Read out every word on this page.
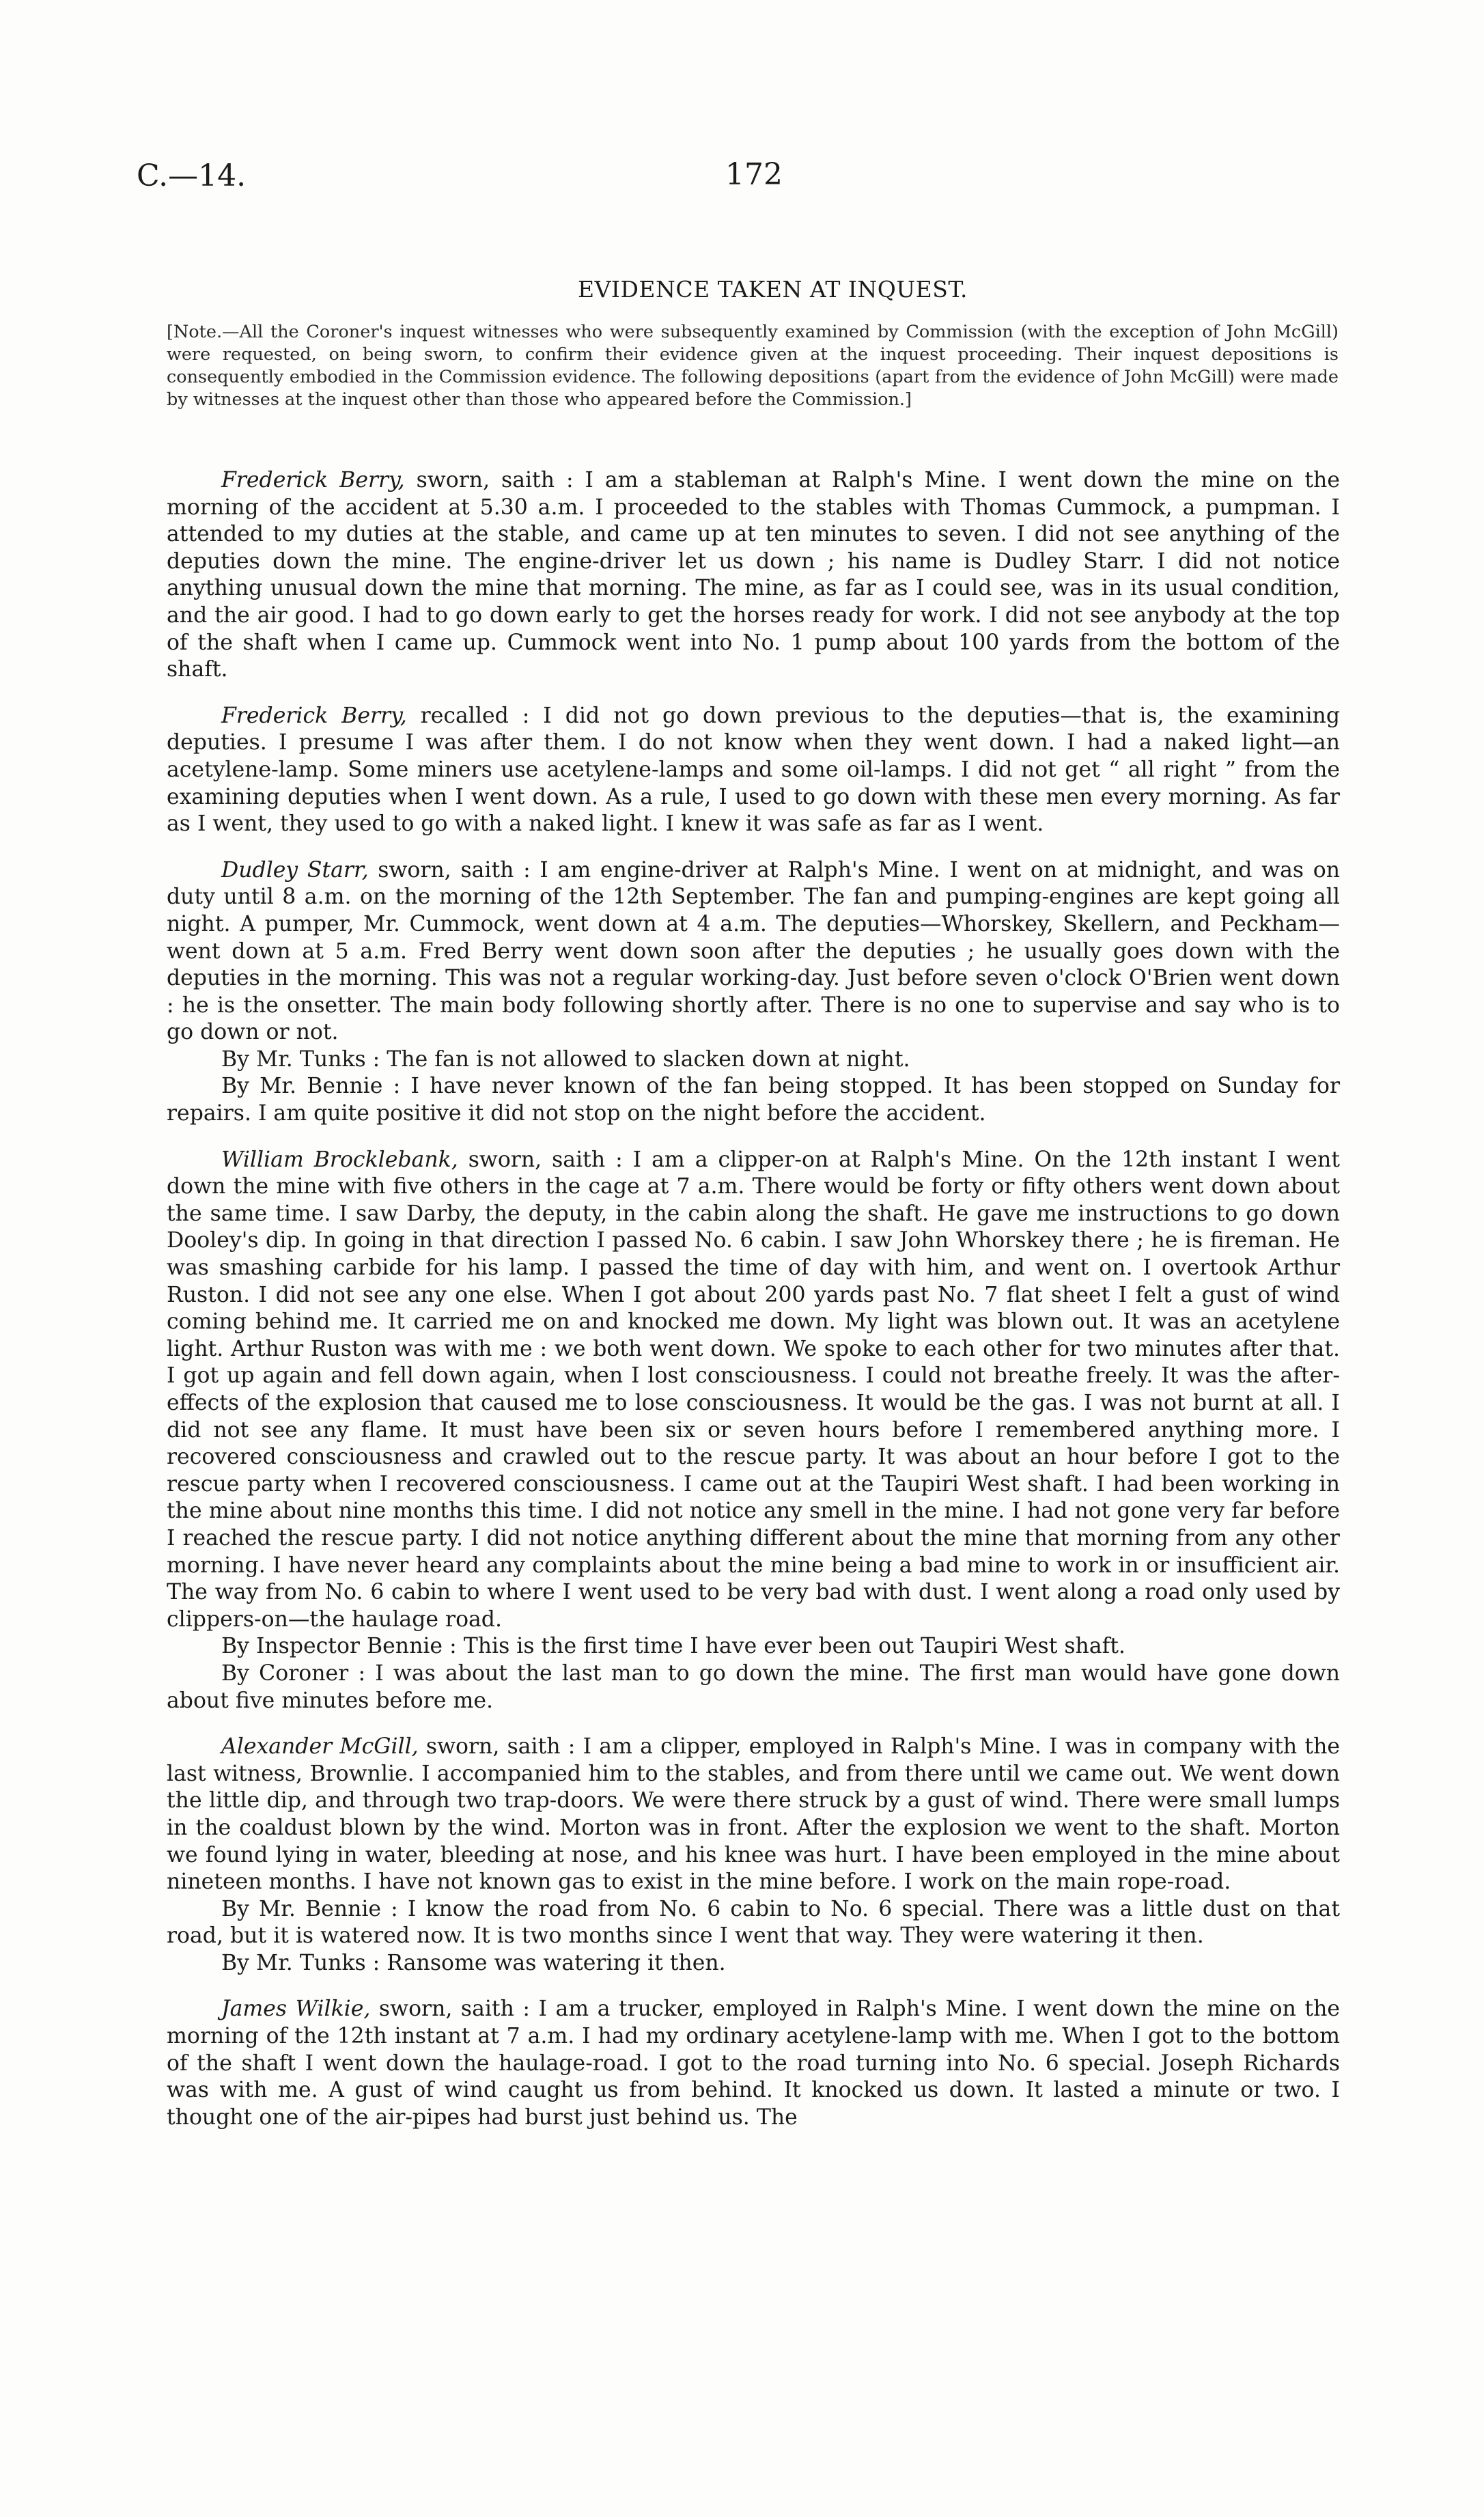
C.—14.	172
EVIDENCE TAKEN AT INQUEST.
[Note.—All the Coroner's inquest witnesses who were subsequently examined by Commission (with the exception of John McGill) were requested, on being sworn, to confirm their evidence given at the inquest proceeding. Their inquest depositions is consequently embodied in the Commission evidence. The following depositions (apart from the evidence of John McGill) were made by witnesses at the inquest other than those who appeared before the Commission.]

Frederick Berry, sworn, saith : I am a stableman at Ralph's Mine. I went down the mine on the morning of the accident at 5.30 a.m. I proceeded to the stables with Thomas Cummock, a pumpman. I attended to my duties at the stable, and came up at ten minutes to seven. I did not see anything of the deputies down the mine. The engine-driver let us down ; his name is Dudley Starr. I did not notice anything unusual down the mine that morning. The mine, as far as I could see, was in its usual condition, and the air good. I had to go down early to get the horses ready for work. I did not see anybody at the top of the shaft when I came up. Cummock went into No. 1 pump about 100 yards from the bottom of the shaft.

Frederick Berry, recalled : I did not go down previous to the deputies—that is, the examining deputies. I presume I was after them. I do not know when they went down. I had a naked light—an acetylene-lamp. Some miners use acetylene-lamps and some oil-lamps. I did not get “ all right ” from the examining deputies when I went down. As a rule, I used to go down with these men every morning. As far as I went, they used to go with a naked light. I knew it was safe as far as I went.

Dudley Starr, sworn, saith : I am engine-driver at Ralph's Mine. I went on at midnight, and was on duty until 8 a.m. on the morning of the 12th September. The fan and pumping-engines are kept going all night. A pumper, Mr. Cummock, went down at 4 a.m. The deputies—Whorskey, Skellern, and Peckham—went down at 5 a.m. Fred Berry went down soon after the deputies ; he usually goes down with the deputies in the morning. This was not a regular working-day. Just before seven o'clock O'Brien went down : he is the onsetter. The main body following shortly after. There is no one to supervise and say who is to go down or not.

By Mr. Tunks : The fan is not allowed to slacken down at night.

By Mr. Bennie : I have never known of the fan being stopped. It has been stopped on Sunday for repairs. I am quite positive it did not stop on the night before the accident.

William Brocklebank, sworn, saith : I am a clipper-on at Ralph's Mine. On the 12th instant I went down the mine with five others in the cage at 7 a.m. There would be forty or fifty others went down about the same time. I saw Darby, the deputy, in the cabin along the shaft. He gave me instructions to go down Dooley's dip. In going in that direction I passed No. 6 cabin. I saw John Whorskey there ; he is fireman. He was smashing carbide for his lamp. I passed the time of day with him, and went on. I overtook Arthur Ruston. I did not see any one else. When I got about 200 yards past No. 7 flat sheet I felt a gust of wind coming behind me. It carried me on and knocked me down. My light was blown out. It was an acetylene light. Arthur Ruston was with me : we both went down. We spoke to each other for two minutes after that. I got up again and fell down again, when I lost consciousness. I could not breathe freely. It was the after-effects of the explosion that caused me to lose consciousness. It would be the gas. I was not burnt at all. I did not see any flame. It must have been six or seven hours before I remembered anything more. I recovered consciousness and crawled out to the rescue party. It was about an hour before I got to the rescue party when I recovered consciousness. I came out at the Taupiri West shaft. I had been working in the mine about nine months this time. I did not notice any smell in the mine. I had not gone very far before I reached the rescue party. I did not notice anything different about the mine that morning from any other morning. I have never heard any complaints about the mine being a bad mine to work in or insufficient air. The way from No. 6 cabin to where I went used to be very bad with dust. I went along a road only used by clippers-on—the haulage road.

By Inspector Bennie : This is the first time I have ever been out Taupiri West shaft.

By Coroner : I was about the last man to go down the mine. The first man would have gone down about five minutes before me.

Alexander McGill, sworn, saith : I am a clipper, employed in Ralph's Mine. I was in company with the last witness, Brownlie. I accompanied him to the stables, and from there until we came out. We went down the little dip, and through two trap-doors. We were there struck by a gust of wind. There were small lumps in the coaldust blown by the wind. Morton was in front. After the explosion we went to the shaft. Morton we found lying in water, bleeding at nose, and his knee was hurt. I have been employed in the mine about nineteen months. I have not known gas to exist in the mine before. I work on the main rope-road.

By Mr. Bennie : I know the road from No. 6 cabin to No. 6 special. There was a little dust on that road, but it is watered now. It is two months since I went that way. They were watering it then.

By Mr. Tunks : Ransome was watering it then.

James Wilkie, sworn, saith : I am a trucker, employed in Ralph's Mine. I went down the mine on the morning of the 12th instant at 7 a.m. I had my ordinary acetylene-lamp with me. When I got to the bottom of the shaft I went down the haulage-road. I got to the road turning into No. 6 special. Joseph Richards was with me. A gust of wind caught us from behind. It knocked us down. It lasted a minute or two. I thought one of the air-pipes had burst just behind us. The
